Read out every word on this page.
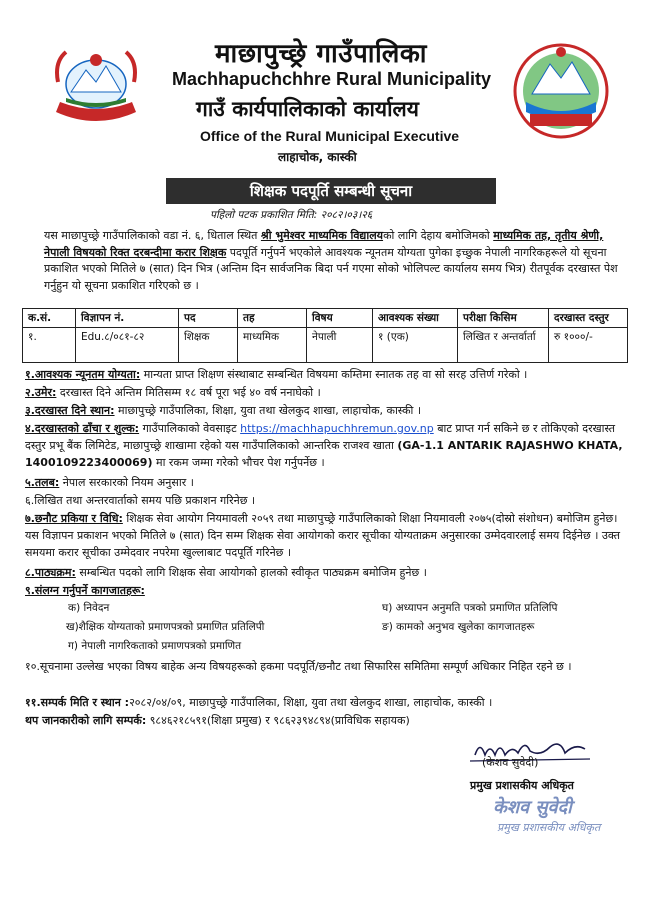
माछापुच्छ्रे गाउँपालिका
Machhapuchchhre Rural Municipality
गाउँ कार्यपालिकाको कार्यालय
Office of the Rural Municipal Executive
लाहाचोक, कास्की
शिक्षक पदपूर्ति सम्बन्धी सूचना
पहिलो पटक प्रकाशित मिति: २०८२।०३।२६
यस माछापुच्छ्रे गाउँपालिकाको वडा नं. ६, धिताल स्थित श्री भुमेश्वर माध्यमिक विद्यालयको लागि देहाय बमोजिमको माध्यमिक तह, तृतीय श्रेणी, नेपाली विषयको रिक्त दरबन्दीमा करार शिक्षक पदपूर्ति गर्नुपर्ने भएकोले आवश्यक न्यूनतम योग्यता पुगेका इच्छुक नेपाली नागरिकहरूले यो सूचना प्रकाशित भएको मितिले ७ (सात) दिन भित्र (अन्तिम दिन सार्वजनिक बिदा पर्न गएमा सोको भोलिपल्ट कार्यालय समय भित्र) रीतपूर्वक दरखास्त पेश गर्नुहुन यो सूचना प्रकाशित गरिएको छ ।
क.सं.	विज्ञापन नं.	पद	तह	विषय	आवश्यक संख्या	परीक्षा किसिम	दरखास्त दस्तुर
१.	Edu.८/०८१-८२	शिक्षक	माध्यमिक	नेपाली	१ (एक)	लिखित र अन्तर्वार्ता	रु १०००/-
१.आवश्यक न्यूनतम योग्यता: मान्यता प्राप्त शिक्षण संस्थाबाट सम्बन्धित विषयमा कम्तिमा स्नातक तह वा सो सरह उत्तिर्ण गरेको ।
२.उमेर: दरखास्त दिने अन्तिम मितिसम्म १८ वर्ष पूरा भई ४० वर्ष ननाघेको ।
३.दरखास्त दिने स्थान: माछापुच्छ्रे गाउँपालिका, शिक्षा, युवा तथा खेलकुद शाखा, लाहाचोक, कास्की ।
४.दरखास्तको ढाँचा र शुल्क: गाउँपालिकाको वेवसाइट https://machhapuchhremun.gov.np बाट प्राप्त गर्न सकिने छ र तोकिएको दरखास्त दस्तुर प्रभू बैंक लिमिटेड, माछापुच्छ्रे शाखामा रहेको यस गाउँपालिकाको आन्तरिक राजश्व खाता (GA-1.1 ANTARIK RAJASHWO KHATA, 1400109223400069) मा रकम जम्मा गरेको भौचर पेश गर्नुपर्नेछ ।
५.तलब: नेपाल सरकारको नियम अनुसार ।
६.लिखित तथा अन्तरवार्ताको समय पछि प्रकाशन गरिनेछ ।
७.छनौट प्रकिया र विधि: शिक्षक सेवा आयोग नियमावली २०५९ तथा माछापुच्छ्रे गाउँपालिकाको शिक्षा नियमावली २०७५(दोस्रो संशोधन) बमोजिम हुनेछ।यस विज्ञापन प्रकाशन भएको मितिले ७ (सात) दिन सम्म शिक्षक सेवा आयोगको करार सूचीका योग्यताक्रम अनुसारका उम्मेदवारलाई समय दिईनेछ । उक्त समयमा करार सूचीका उम्मेदवार नपरेमा खुल्लाबाट पदपूर्ति गरिनेछ ।
८.पाठ्यक्रम: सम्बन्धित पदको लागि शिक्षक सेवा आयोगको हालको स्वीकृत पाठ्यक्रम बमोजिम हुनेछ ।
९.संलग्न गर्नुपर्ने कागजातहरू:
क) निवेदन	घ) अध्यापन अनुमति पत्रको प्रमाणित प्रतिलिपि
ख)शैक्षिक योग्यताको प्रमाणपत्रको प्रमाणित प्रतिलिपी	ङ) कामको अनुभव खुलेका कागजातहरू
ग) नेपाली नागरिकताको प्रमाणपत्रको प्रमाणित
१०.सूचनामा उल्लेख भएका विषय बाहेक अन्य विषयहरूको हकमा पदपूर्ति/छनौट तथा सिफारिस समितिमा सम्पूर्ण अधिकार निहित रहने छ ।
११.सम्पर्क मिति र स्थान :२०८२/०४/०९, माछापुच्छ्रे गाउँपालिका, शिक्षा, युवा तथा खेलकुद शाखा, लाहाचोक, कास्की ।
थप जानकारीको लागि सम्पर्क: ९८४६२१८५९१(शिक्षा प्रमुख) र ९८६२३९४८९४(प्राविधिक सहायक)
(केशव सुवेदी)
प्रमुख प्रशासकीय अधिकृत
केशव सुवेदी
प्रमुख प्रशासकीय अधिकृत
